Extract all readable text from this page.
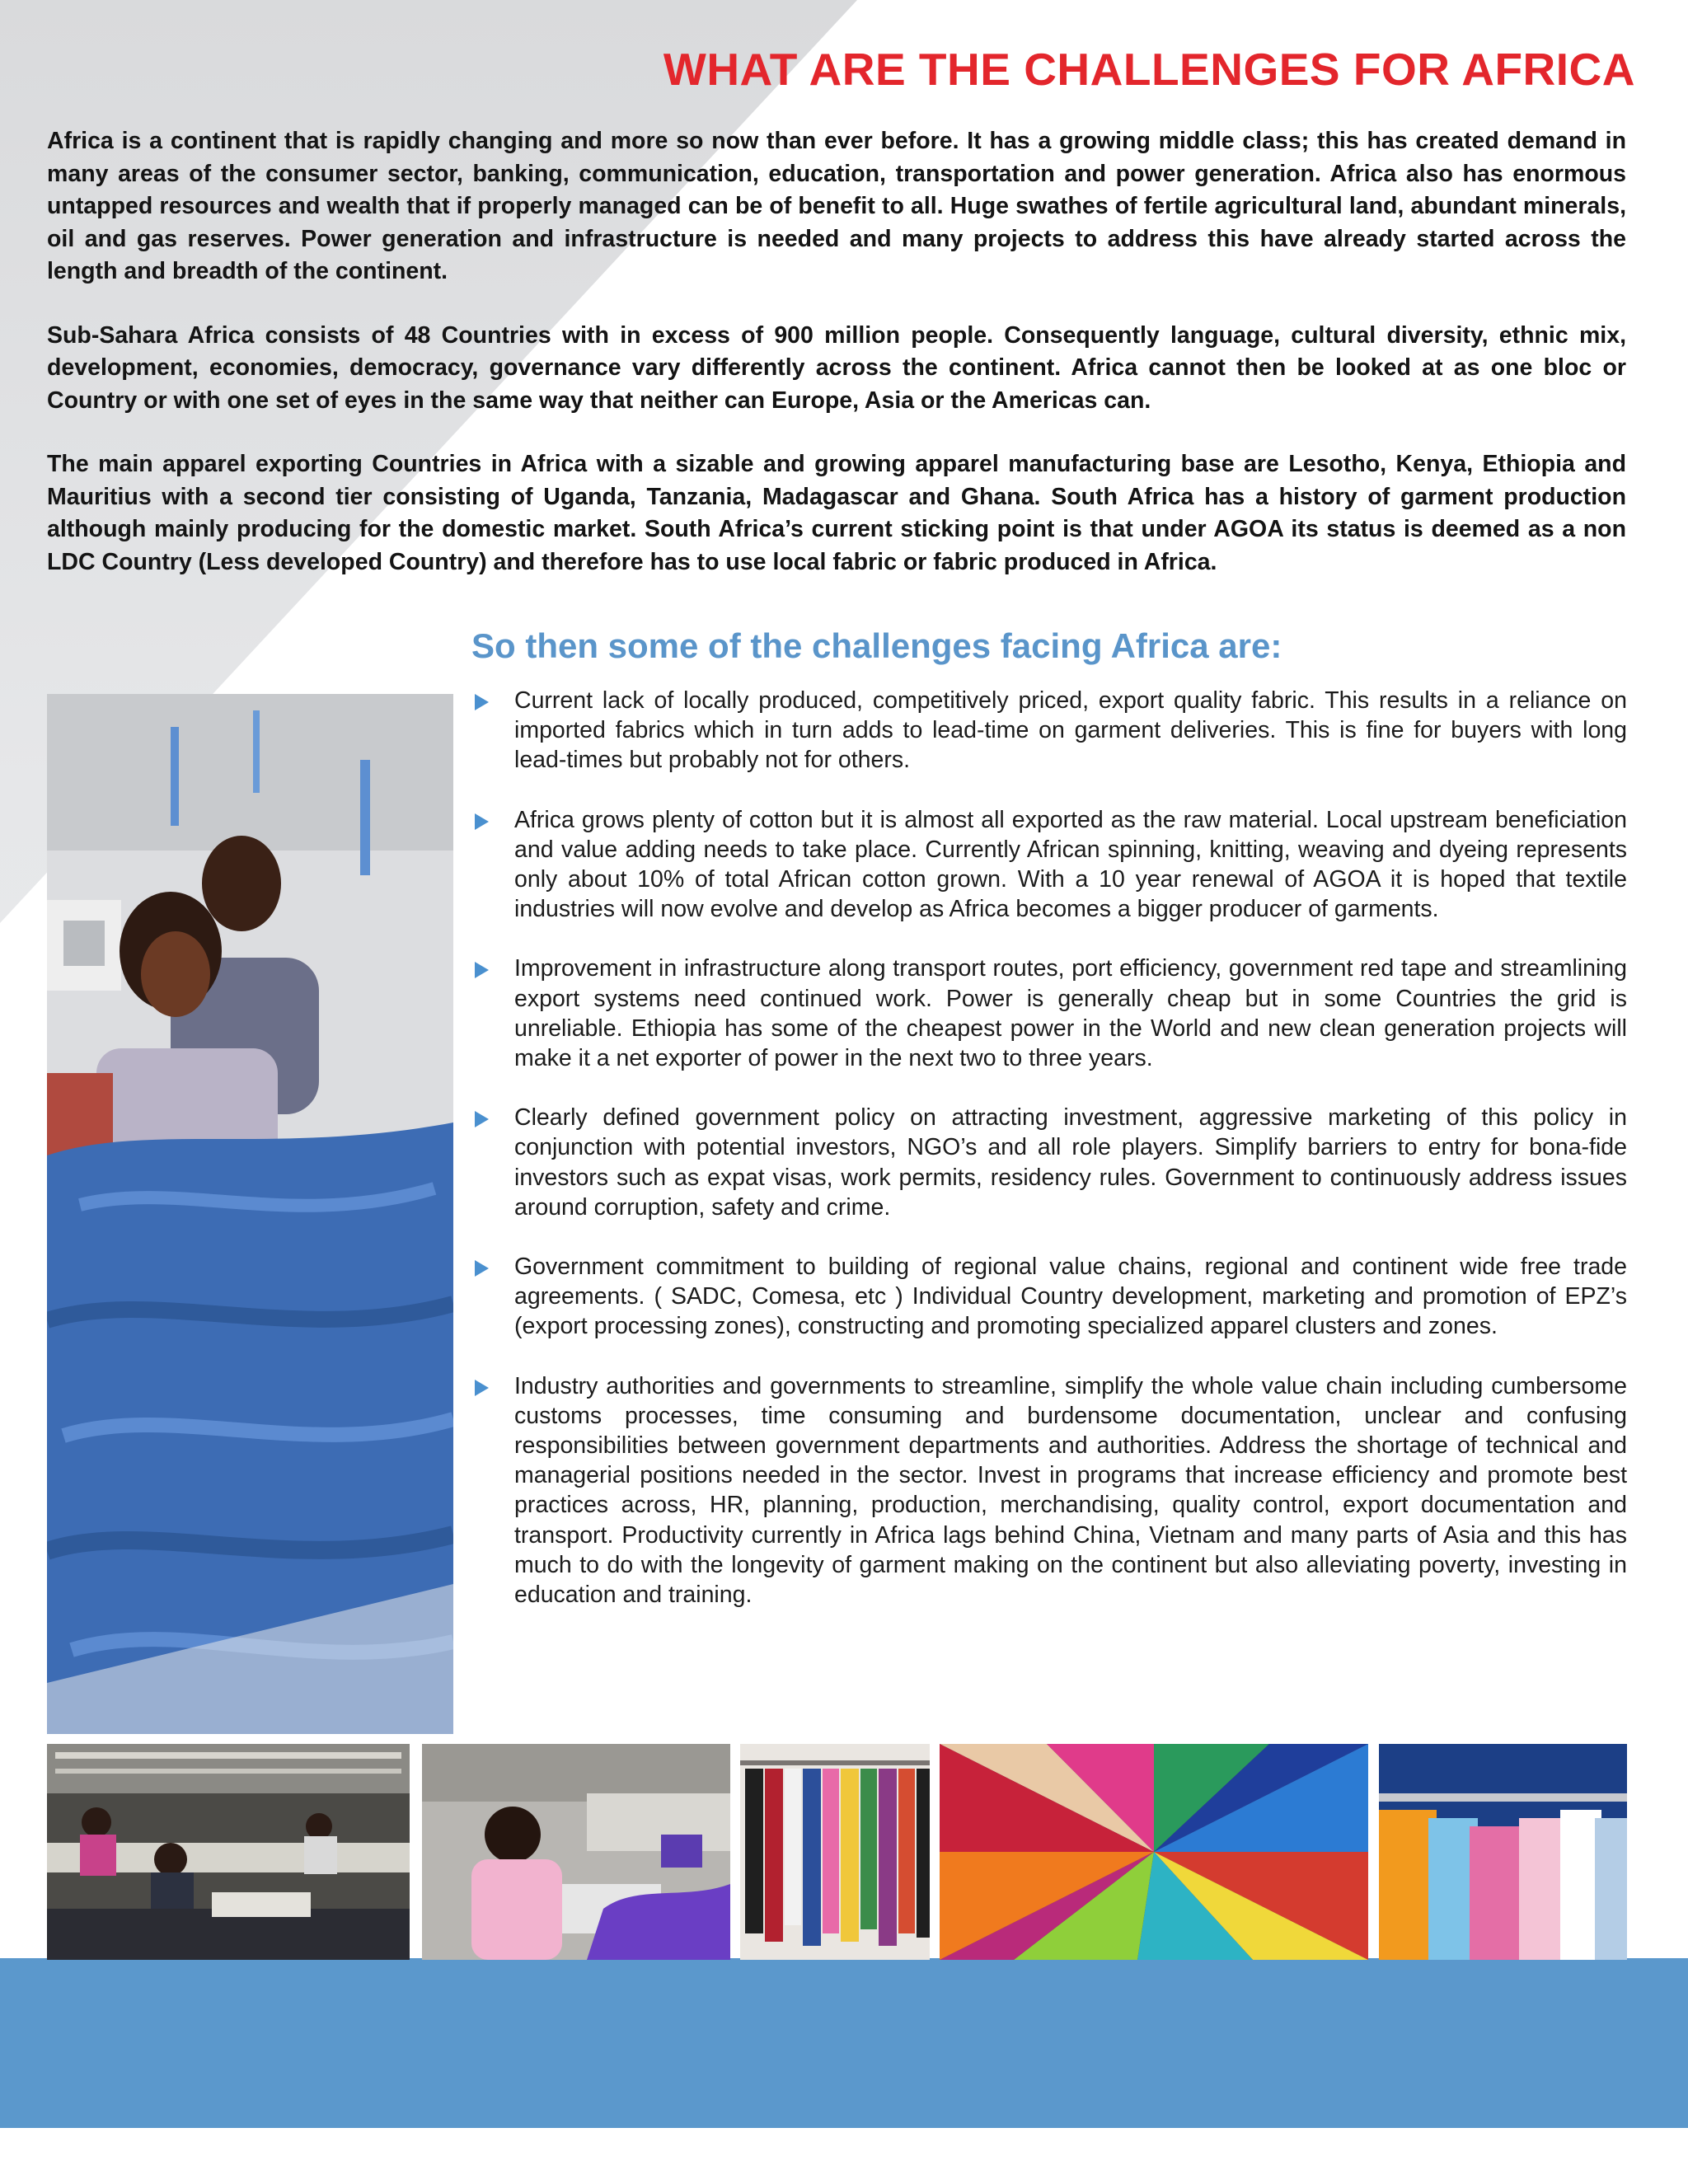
WHAT ARE THE CHALLENGES FOR AFRICA

Africa is a continent that is rapidly changing and more so now than ever before. It has a growing middle class; this has created demand in many areas of the consumer sector, banking, communication, education, transportation and power generation. Africa also has enormous untapped resources and wealth that if properly managed can be of benefit to all. Huge swathes of fertile agricultural land, abundant minerals, oil and gas reserves. Power generation and infrastructure is needed and many projects to address this have already started across the length and breadth of the continent.

Sub-Sahara Africa consists of 48 Countries with in excess of 900 million people. Consequently language, cultural diversity, ethnic mix, development, economies, democracy, governance vary differently across the continent. Africa cannot then be looked at as one bloc or Country or with one set of eyes in the same way that neither can Europe, Asia or the Americas can.

The main apparel exporting Countries in Africa with a sizable and growing apparel manufacturing base are Lesotho, Kenya, Ethiopia and Mauritius with a second tier consisting of Uganda, Tanzania, Madagascar and Ghana. South Africa has a history of garment production although mainly producing for the domestic market. South Africa’s current sticking point is that under AGOA its status is deemed as a non LDC Country (Less developed Country) and therefore has to use local fabric or fabric produced in Africa.

So then some of the challenges facing Africa are:
Current lack of locally produced, competitively priced, export quality fabric. This results in a reliance on imported fabrics which in turn adds to lead-time on garment deliveries. This is fine for buyers with long lead-times but probably not for others.
Africa grows plenty of cotton but it is almost all exported as the raw material. Local upstream beneficiation and value adding needs to take place. Currently African spinning, knitting, weaving and dyeing represents only about 10% of total African cotton grown. With a 10 year renewal of AGOA it is hoped that textile industries will now evolve and develop as Africa becomes a bigger producer of garments.
Improvement in infrastructure along transport routes, port efficiency, government red tape and streamlining export systems need continued work. Power is generally cheap but in some Countries the grid is unreliable. Ethiopia has some of the cheapest power in the World and new clean generation projects will make it a net exporter of power in the next two to three years.
Clearly defined government policy on attracting investment, aggressive marketing of this policy in conjunction with potential investors, NGO’s and all role players. Simplify barriers to entry for bona-fide investors such as expat visas, work permits, residency rules. Government to continuously address issues around corruption, safety and crime.
Government commitment to building of regional value chains, regional and continent wide free trade agreements. ( SADC, Comesa, etc ) Individual Country development, marketing and promotion of EPZ’s (export processing zones), constructing and promoting specialized apparel clusters and zones.
Industry authorities and governments to streamline, simplify the whole value chain including cumbersome customs processes, time consuming and burdensome documentation, unclear and confusing responsibilities between government departments and authorities. Address the shortage of technical and managerial positions needed in the sector. Invest in programs that increase efficiency and promote best practices across, HR, planning, production, merchandising, quality control, export documentation and transport. Productivity currently in Africa lags behind China, Vietnam and many parts of Asia and this has much to do with the longevity of garment making on the continent but also alleviating poverty, investing in education and training.
